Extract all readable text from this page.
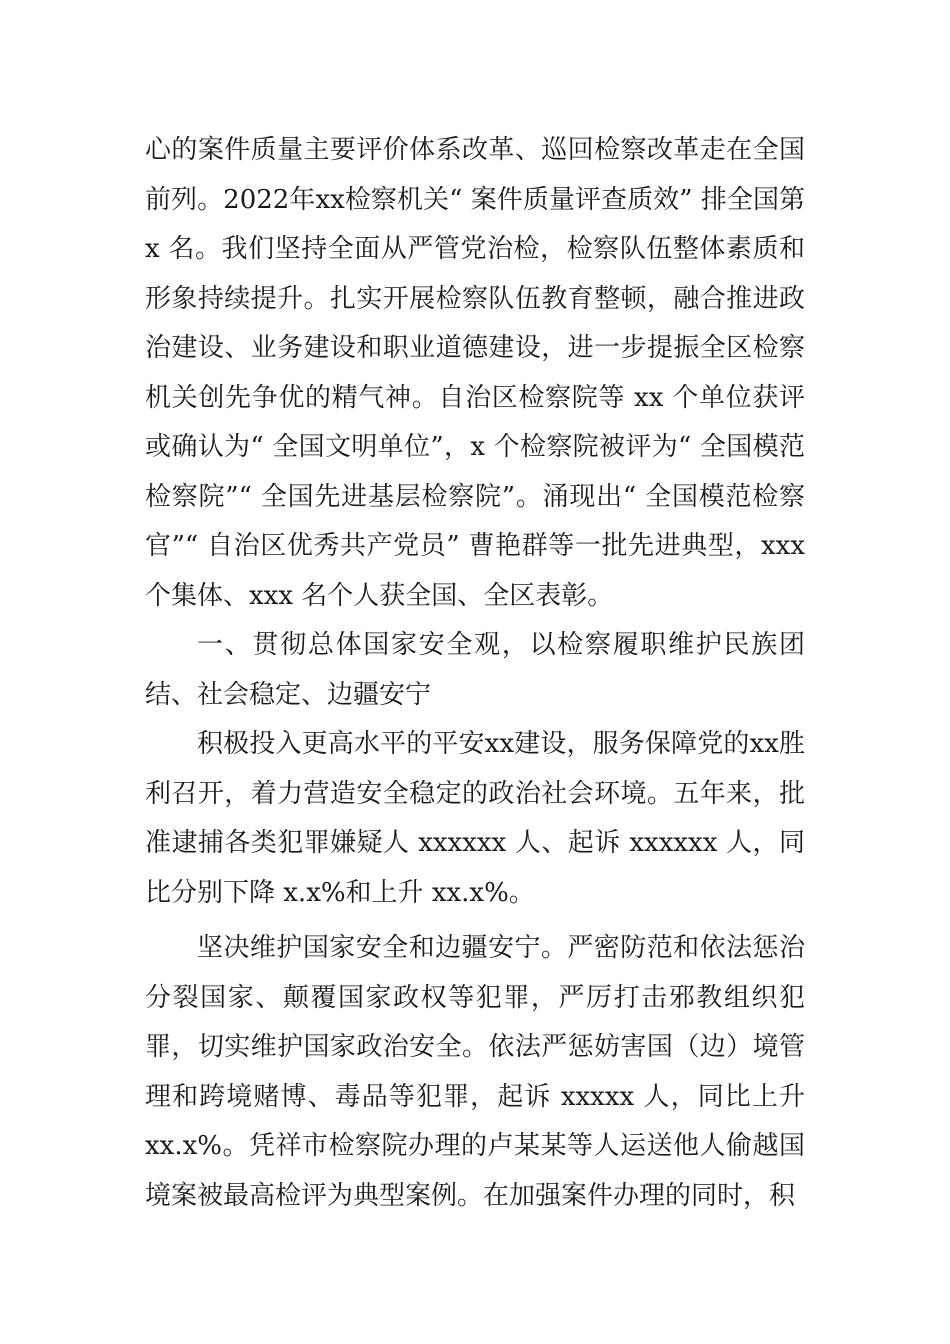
心的案件质量主要评价体系改革、巡回检察改革走在全国前列。2022年xx检察机关“ 案件质量评查质效” 排全国第 x 名。我们坚持全面从严管党治检，检察队伍整体素质和形象持续提升。扎实开展检察队伍教育整顿，融合推进政治建设、业务建设和职业道德建设，进一步提振全区检察机关创先争优的精气神。自治区检察院等 xx 个单位获评或确认为“ 全国文明单位”，x 个检察院被评为“ 全国模范检察院”“ 全国先进基层检察院”。涌现出“ 全国模范检察官”“ 自治区优秀共产党员” 曹艳群等一批先进典型，xxx 个集体、xxx 名个人获全国、全区表彰。

一、贯彻总体国家安全观，以检察履职维护民族团结、社会稳定、边疆安宁

积极投入更高水平的平安xx建设，服务保障党的xx胜利召开，着力营造安全稳定的政治社会环境。五年来，批准逮捕各类犯罪嫌疑人 xxxxxx 人、起诉 xxxxxx 人，同比分别下降 x.x%和上升 xx.x%。

坚决维护国家安全和边疆安宁。严密防范和依法惩治分裂国家、颠覆国家政权等犯罪，严厉打击邪教组织犯罪，切实维护国家政治安全。依法严惩妨害国（边）境管理和跨境赌博、毒品等犯罪，起诉 xxxxx 人，同比上升xx.x%。凭祥市检察院办理的卢某某等人运送他人偷越国境案被最高检评为典型案例。在加强案件办理的同时，积
